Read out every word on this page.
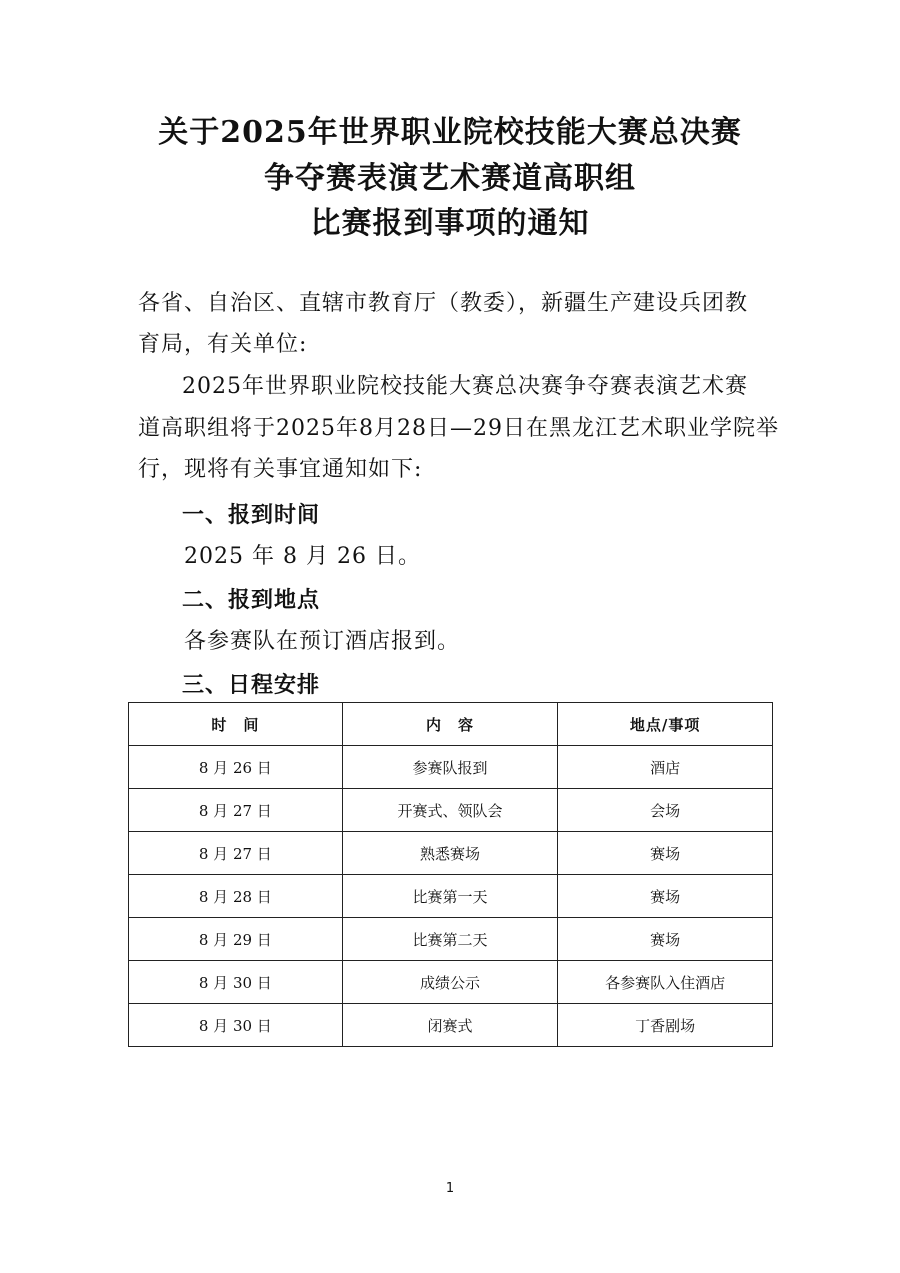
关于2025年世界职业院校技能大赛总决赛
争夺赛表演艺术赛道高职组
比赛报到事项的通知
各省、自治区、直辖市教育厅（教委），新疆生产建设兵团教
育局，有关单位:
2025年世界职业院校技能大赛总决赛争夺赛表演艺术赛
道高职组将于2025年8月28日—29日在黑龙江艺术职业学院举
行，现将有关事宜通知如下:
一、报到时间
2025 年 8 月 26 日。
二、报到地点
各参赛队在预订酒店报到。
三、日程安排
时　间	内　容	地点/事项
8 月 26 日	参赛队报到	酒店
8 月 27 日	开赛式、领队会	会场
8 月 27 日	熟悉赛场	赛场
8 月 28 日	比赛第一天	赛场
8 月 29 日	比赛第二天	赛场
8 月 30 日	成绩公示	各参赛队入住酒店
8 月 30 日	闭赛式	丁香剧场
1
